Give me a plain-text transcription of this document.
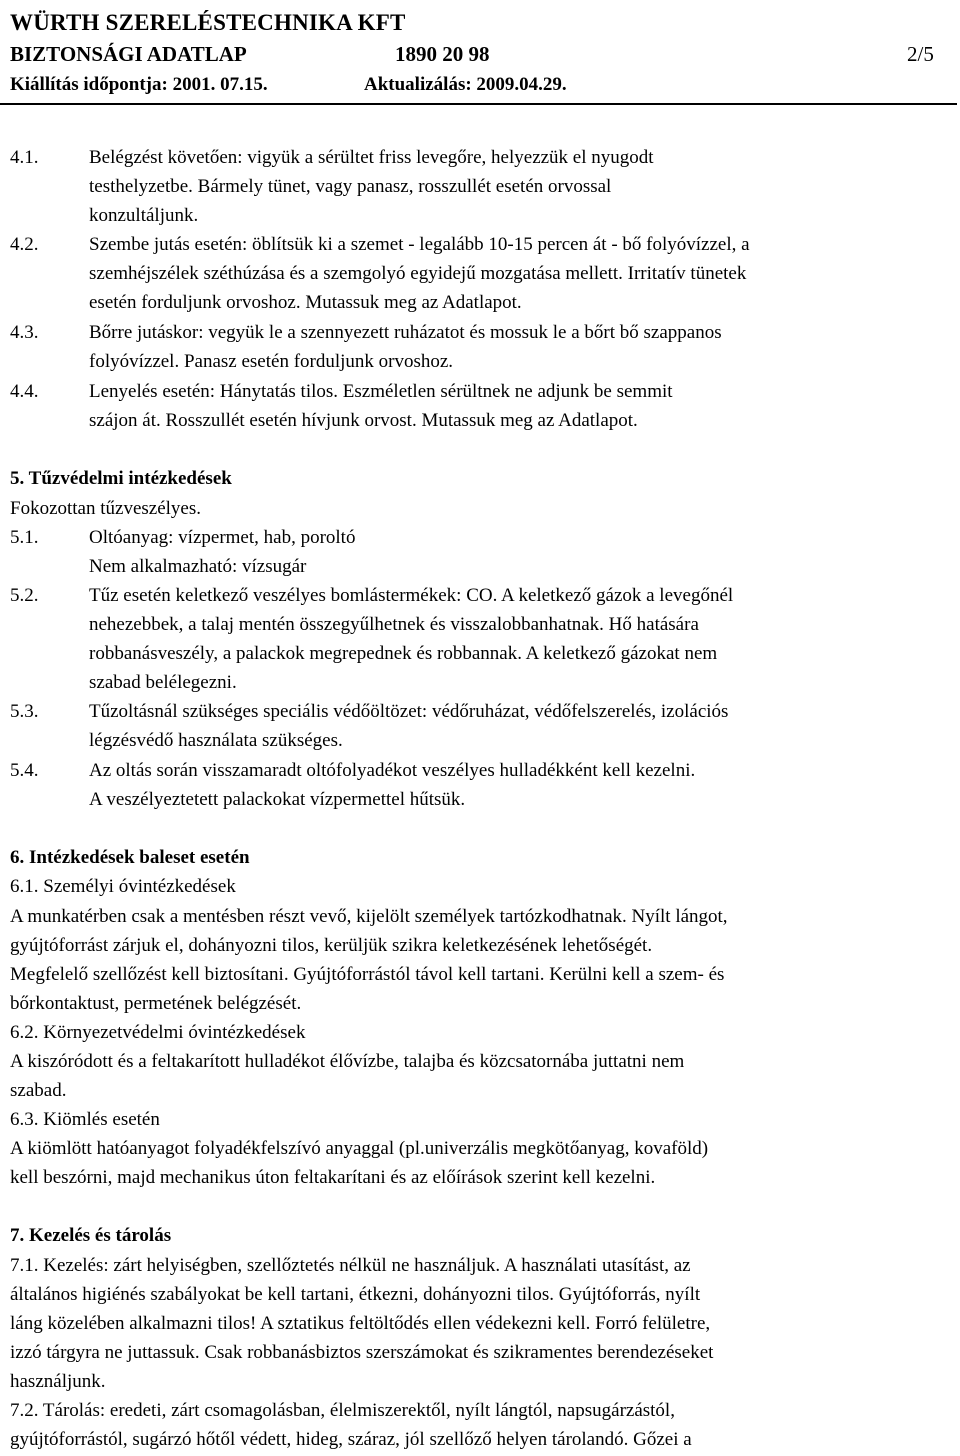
WÜRTH SZERELÉSTECHNIKA KFT
BIZTONSÁGI ADATLAP	1890 20 98	2/5
Kiállítás időpontja: 2001. 07.15.	Aktualizálás: 2009.04.29.
4.1.	Belégzést követően: vigyük a sérültet friss levegőre, helyezzük el nyugodt
testhelyzetbe. Bármely tünet, vagy panasz, rosszullét esetén orvossal
konzultáljunk.
4.2.	Szembe jutás esetén: öblítsük ki a szemet - legalább 10-15 percen át - bő folyóvízzel, a
szemhéjszélek széthúzása és a szemgolyó egyidejű mozgatása mellett. Irritatív tünetek
esetén forduljunk orvoshoz. Mutassuk meg az Adatlapot.
4.3.	Bőrre jutáskor: vegyük le a szennyezett ruházatot és mossuk le a bőrt bő szappanos
folyóvízzel. Panasz esetén forduljunk orvoshoz.
4.4.	Lenyelés esetén: Hánytatás tilos. Eszméletlen sérültnek ne adjunk be semmit
szájon át. Rosszullét esetén hívjunk orvost. Mutassuk meg az Adatlapot.
5. Tűzvédelmi intézkedések
Fokozottan tűzveszélyes.
5.1.	Oltóanyag: vízpermet, hab, poroltó
Nem alkalmazható: vízsugár
5.2.	Tűz esetén keletkező veszélyes bomlástermékek: CO. A keletkező gázok a levegőnél
nehezebbek, a talaj mentén összegyűlhetnek és visszalobbanhatnak. Hő hatására
robbanásveszély, a palackok megrepednek és robbannak. A keletkező gázokat nem
szabad belélegezni.
5.3.	Tűzoltásnál szükséges speciális védőöltözet: védőruházat, védőfelszerelés, izolációs
légzésvédő használata szükséges.
5.4.	Az oltás során visszamaradt oltófolyadékot veszélyes hulladékként kell kezelni.
A veszélyeztetett palackokat vízpermettel hűtsük.
6. Intézkedések baleset esetén
6.1. Személyi óvintézkedések
A munkatérben csak a mentésben részt vevő, kijelölt személyek tartózkodhatnak. Nyílt lángot,
gyújtóforrást zárjuk el, dohányozni tilos, kerüljük szikra keletkezésének lehetőségét.
Megfelelő szellőzést kell biztosítani. Gyújtóforrástól távol kell tartani. Kerülni kell a szem- és
bőrkontaktust, permetének belégzését.
6.2. Környezetvédelmi óvintézkedések
A kiszóródott és a feltakarított hulladékot élővízbe, talajba és közcsatornába juttatni nem
szabad.
6.3. Kiömlés esetén
A kiömlött hatóanyagot folyadékfelszívó anyaggal (pl.univerzális megkötőanyag, kovaföld)
kell beszórni, majd mechanikus úton feltakarítani és az előírások szerint kell kezelni.
7. Kezelés és tárolás
7.1. Kezelés: zárt helyiségben, szellőztetés nélkül ne használjuk. A használati utasítást, az
általános higiénés szabályokat be kell tartani, étkezni, dohányozni tilos. Gyújtóforrás, nyílt
láng közelében alkalmazni tilos! A sztatikus feltöltődés ellen védekezni kell. Forró felületre,
izzó tárgyra ne juttassuk. Csak robbanásbiztos szerszámokat és szikramentes berendezéseket
használjunk.
7.2. Tárolás: eredeti, zárt csomagolásban, élelmiszerektől, nyílt lángtól, napsugárzástól,
gyújtóforrástól, sugárzó hőtől védett, hideg, száraz, jól szellőző helyen tárolandó. Gőzei a
